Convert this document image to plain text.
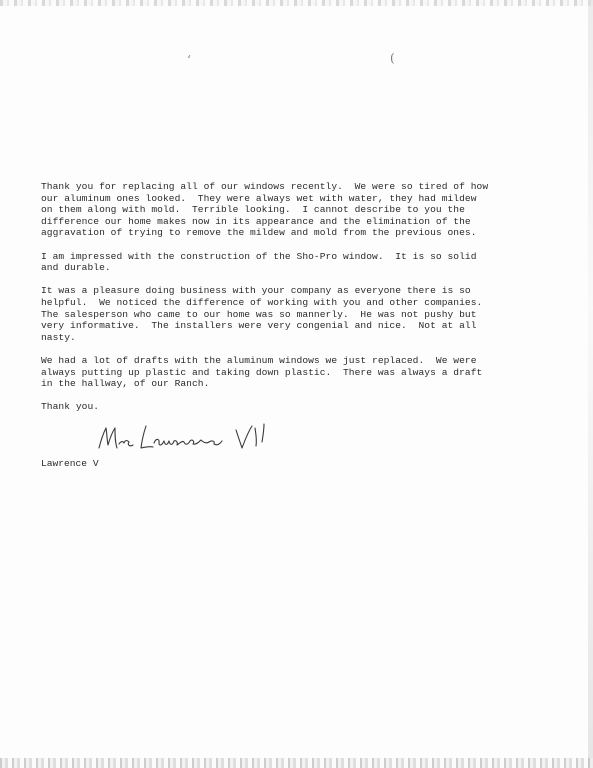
ʻ	(

Thank you for replacing all of our windows recently.  We were so tired of how
our aluminum ones looked.  They were always wet with water, they had mildew
on them along with mold.  Terrible looking.  I cannot describe to you the
difference our home makes now in its appearance and the elimination of the
aggravation of trying to remove the mildew and mold from the previous ones.

I am impressed with the construction of the Sho-Pro window.  It is so solid
and durable.

It was a pleasure doing business with your company as everyone there is so
helpful.  We noticed the difference of working with you and other companies.
The salesperson who came to our home was so mannerly.  He was not pushy but
very informative.  The installers were very congenial and nice.  Not at all
nasty.

We had a lot of drafts with the aluminum windows we just replaced.  We were
always putting up plastic and taking down plastic.  There was always a draft
in the hallway, of our Ranch.

Thank you.

Lawrence V
